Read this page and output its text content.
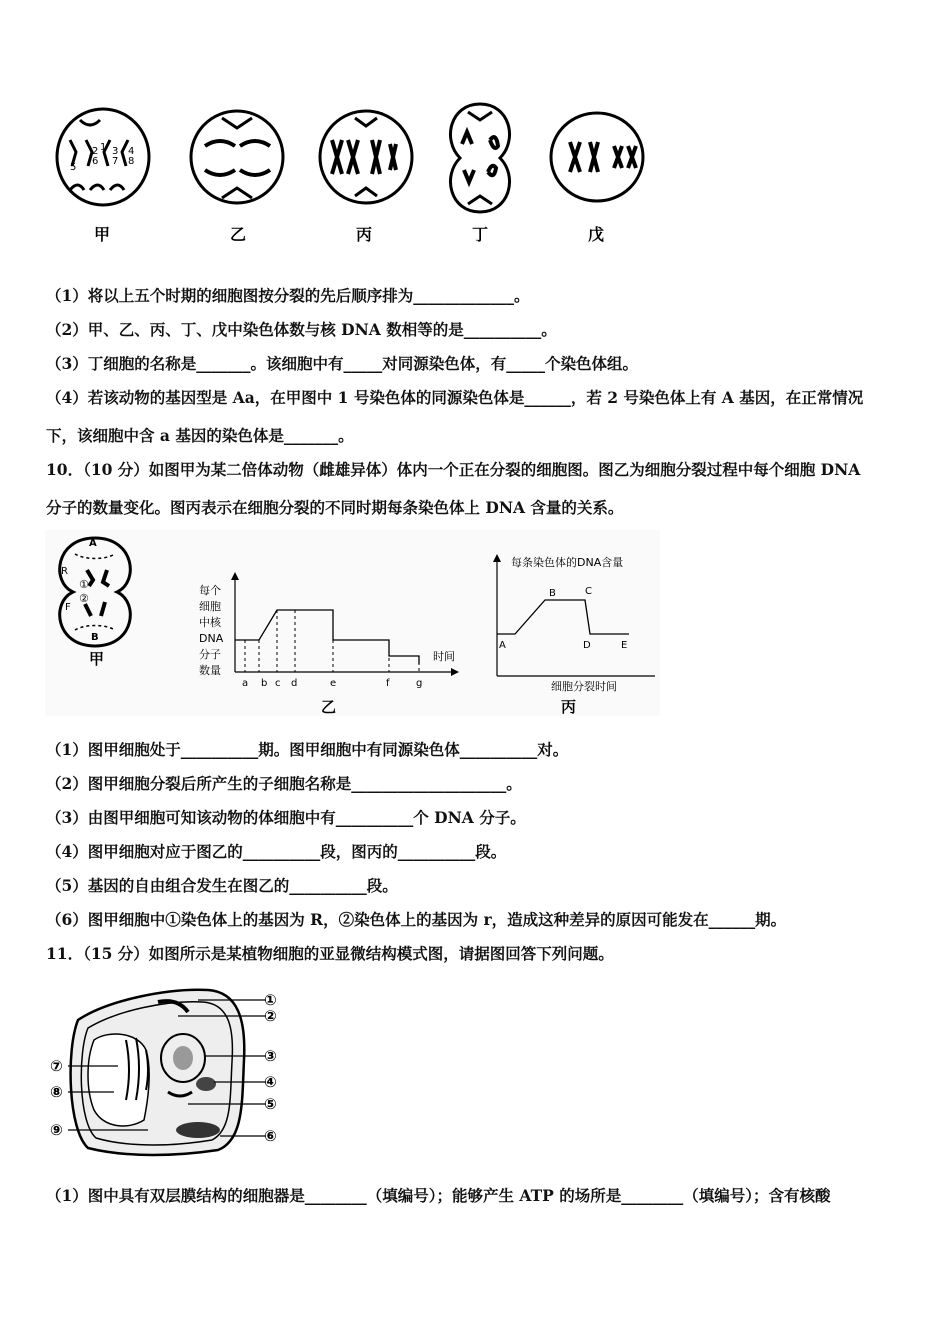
5
2
6
3
7
4
8
1
甲	乙	丙	丁	戊
（1）将以上五个时期的细胞图按分裂的先后顺序排为_____________。
（2）甲、乙、丙、丁、戊中染色体数与核 DNA 数相等的是__________。
（3）丁细胞的名称是_______。该细胞中有_____对同源染色体，有_____个染色体组。
（4）若该动物的基因型是 Aa，在甲图中 1 号染色体的同源染色体是______，若 2 号染色体上有 A 基因，在正常情况
下，该细胞中含 a 基因的染色体是_______。
10．（10 分）如图甲为某二倍体动物（雌雄异体）体内一个正在分裂的细胞图。图乙为细胞分裂过程中每个细胞 DNA
分子的数量变化。图丙表示在细胞分裂的不同时期每条染色体上 DNA 含量的关系。
A
R
①
②
F
B
甲
每个
细胞
中核
DNA
分子
数量
a b c d	e	f	g
时间
乙
每条染色体的DNA含量
A
B	C
D	E
细胞分裂时间
丙
（1）图甲细胞处于__________期。图甲细胞中有同源染色体__________对。
（2）图甲细胞分裂后所产生的子细胞名称是____________________。
（3）由图甲细胞可知该动物的体细胞中有__________个 DNA 分子。
（4）图甲细胞对应于图乙的__________段，图丙的__________段。
（5）基因的自由组合发生在图乙的__________段。
（6）图甲细胞中①染色体上的基因为 R，②染色体上的基因为 r，造成这种差异的原因可能发在______期。
11．（15 分）如图所示是某植物细胞的亚显微结构模式图，请据图回答下列问题。
①
②
③
④
⑤
⑥
⑦
⑧
⑨
（1）图中具有双层膜结构的细胞器是________（填编号）；能够产生 ATP 的场所是________（填编号）；含有核酸
